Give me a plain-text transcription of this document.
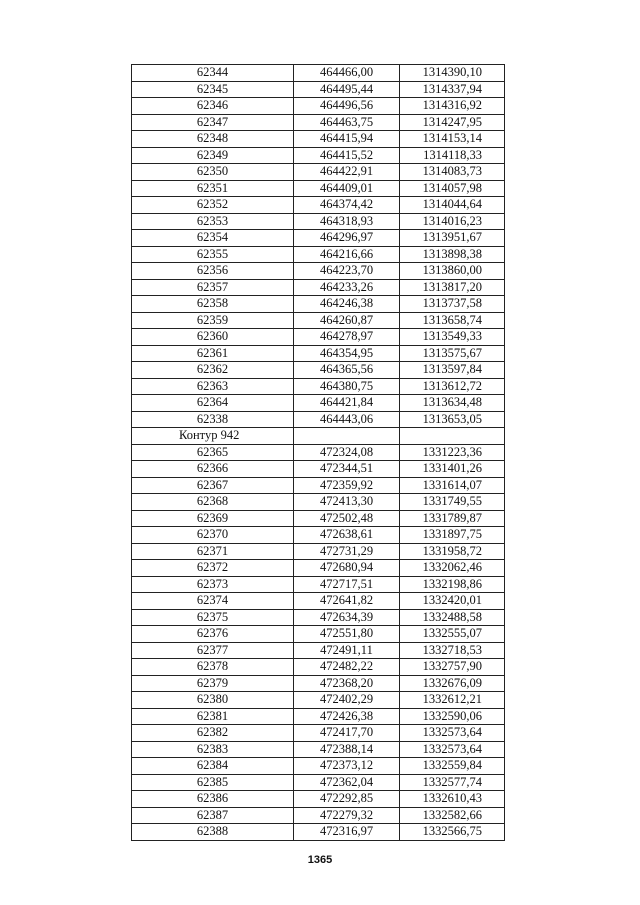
62344	464466,00	1314390,10
62345	464495,44	1314337,94
62346	464496,56	1314316,92
62347	464463,75	1314247,95
62348	464415,94	1314153,14
62349	464415,52	1314118,33
62350	464422,91	1314083,73
62351	464409,01	1314057,98
62352	464374,42	1314044,64
62353	464318,93	1314016,23
62354	464296,97	1313951,67
62355	464216,66	1313898,38
62356	464223,70	1313860,00
62357	464233,26	1313817,20
62358	464246,38	1313737,58
62359	464260,87	1313658,74
62360	464278,97	1313549,33
62361	464354,95	1313575,67
62362	464365,56	1313597,84
62363	464380,75	1313612,72
62364	464421,84	1313634,48
62338	464443,06	1313653,05
Контур 942		
62365	472324,08	1331223,36
62366	472344,51	1331401,26
62367	472359,92	1331614,07
62368	472413,30	1331749,55
62369	472502,48	1331789,87
62370	472638,61	1331897,75
62371	472731,29	1331958,72
62372	472680,94	1332062,46
62373	472717,51	1332198,86
62374	472641,82	1332420,01
62375	472634,39	1332488,58
62376	472551,80	1332555,07
62377	472491,11	1332718,53
62378	472482,22	1332757,90
62379	472368,20	1332676,09
62380	472402,29	1332612,21
62381	472426,38	1332590,06
62382	472417,70	1332573,64
62383	472388,14	1332573,64
62384	472373,12	1332559,84
62385	472362,04	1332577,74
62386	472292,85	1332610,43
62387	472279,32	1332582,66
62388	472316,97	1332566,75
1365
